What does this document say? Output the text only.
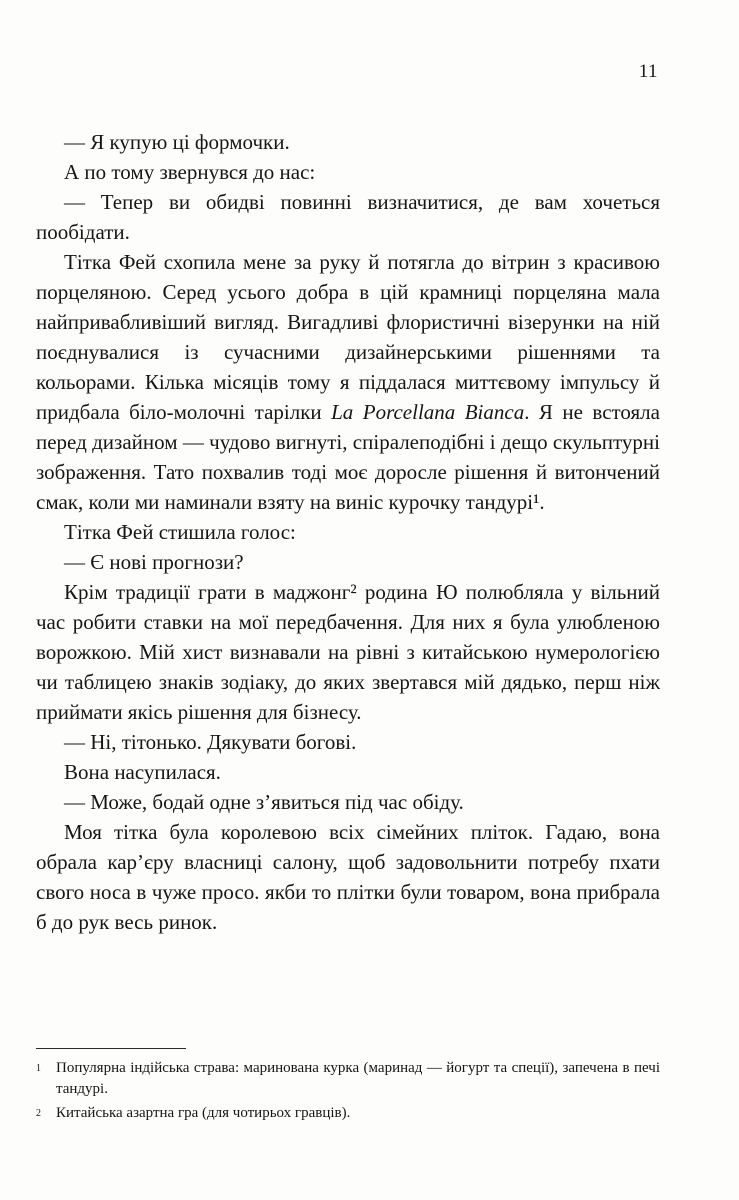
11

— Я купую ці формочки.

А по тому звернувся до нас:

— Тепер ви обидві повинні визначитися, де вам хочеться пообідати.

Тітка Фей схопила мене за руку й потягла до вітрин з красивою порцеляною. Серед усього добра в цій крамниці порцеляна мала найпривабливіший вигляд. Вигадливі флористичні візерунки на ній поєднувалися із сучасними дизайнерськими рішеннями та кольорами. Кілька місяців тому я піддалася миттєвому імпульсу й придбала біло-молочні тарілки La Porcellana Bianca. Я не встояла перед дизайном — чудово вигнуті, спіралеподібні і дещо скульптурні зображення. Тато похвалив тоді моє доросле рішення й витончений смак, коли ми наминали взяту на виніс курочку тандурі¹.

Тітка Фей стишила голос:

— Є нові прогнози?

Крім традиції грати в маджонг² родина Ю полюбляла у вільний час робити ставки на мої передбачення. Для них я була улюбленою ворожкою. Мій хист визнавали на рівні з китайською нумерологією чи таблицею знаків зодіаку, до яких звертався мій дядько, перш ніж приймати якісь рішення для бізнесу.

— Ні, тітонько. Дякувати богові.

Вона насупилася.

— Може, бодай одне з’явиться під час обіду.

Моя тітка була королевою всіх сімейних пліток. Гадаю, вона обрала кар’єру власниці салону, щоб задовольнити потребу пхати свого носа в чуже просо. якби то плітки були товаром, вона прибрала б до рук весь ринок.

1	Популярна індійська страва: маринована курка (маринад — йогурт та спеції), запечена в печі тандурі.
2	Китайська азартна гра (для чотирьох гравців).
